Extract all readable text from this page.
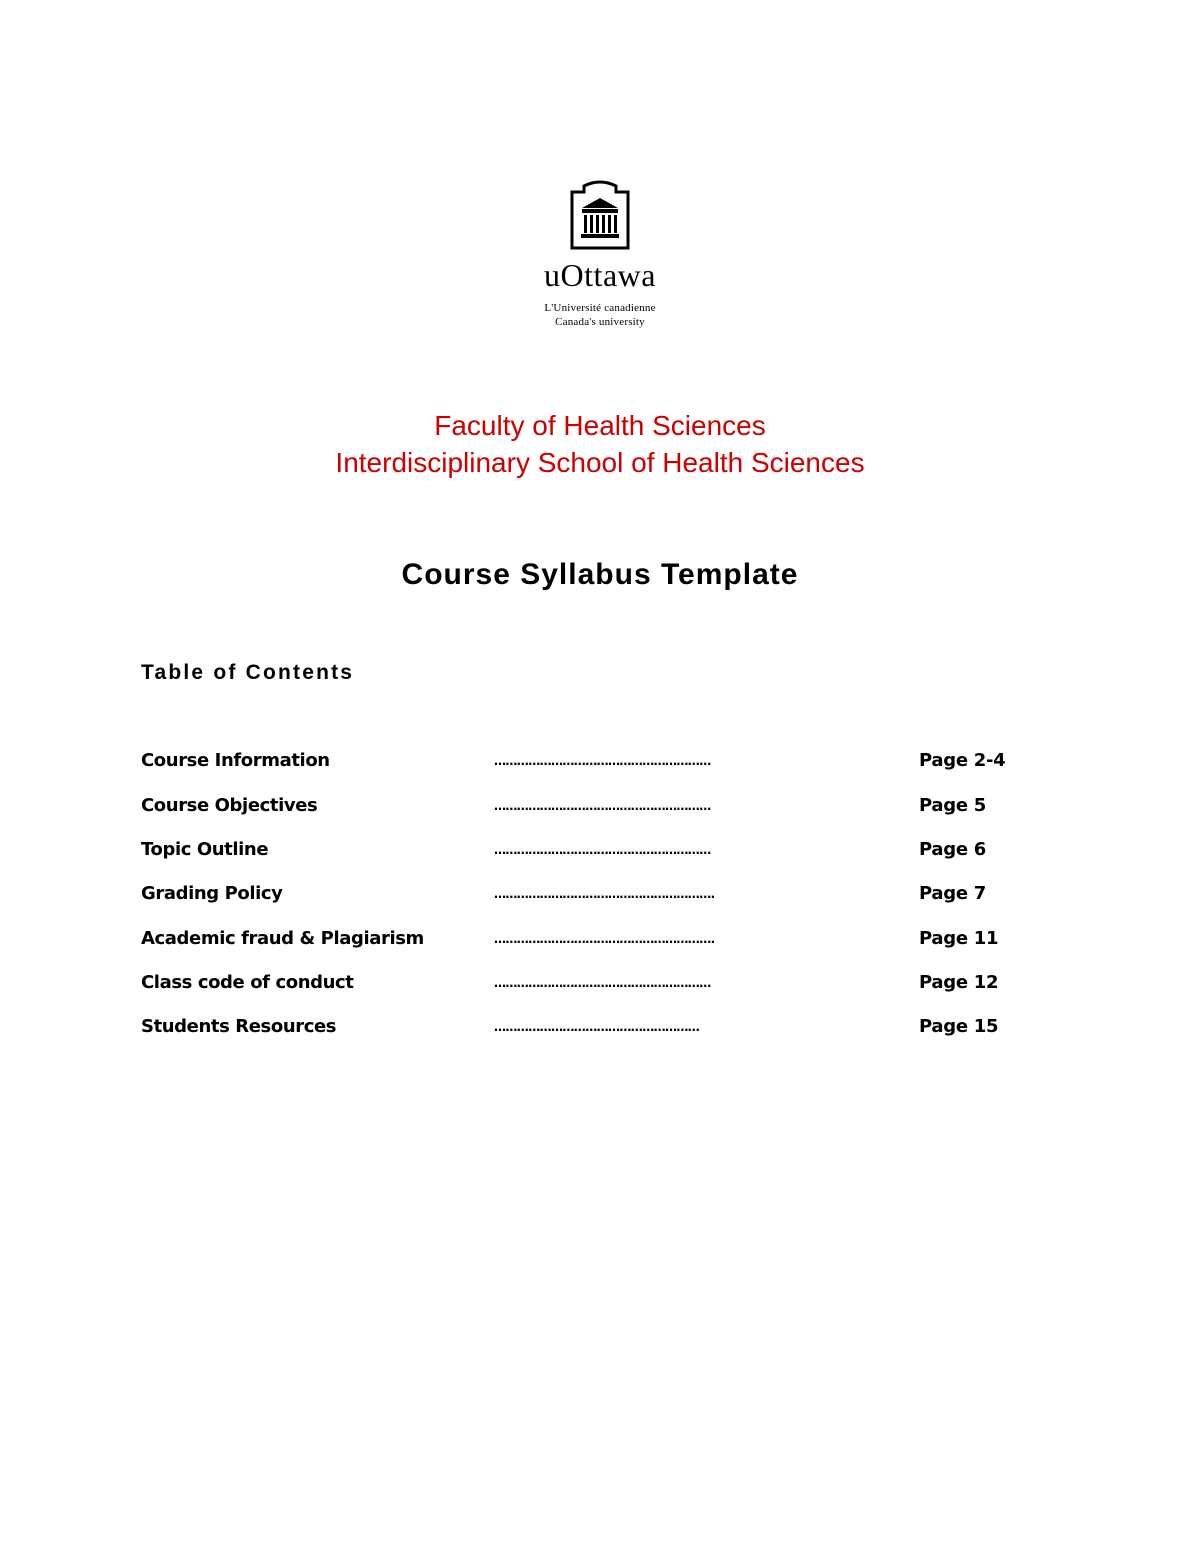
uOttawa
L'Université canadienne
Canada's university
Faculty of Health Sciences
Interdisciplinary School of Health Sciences
Course Syllabus Template
Table of Contents
Course Information	…………………………………………………	Page 2-4
Course Objectives	…………………………………………………	Page 5
Topic Outline	…………………………………………………	Page 6
Grading Policy	………………………………………………….	Page 7
Academic fraud & Plagiarism	………………………………………………….	Page 11
Class code of conduct	…………………………………………………	Page 12
Students Resources	………………………………………………	Page 15
